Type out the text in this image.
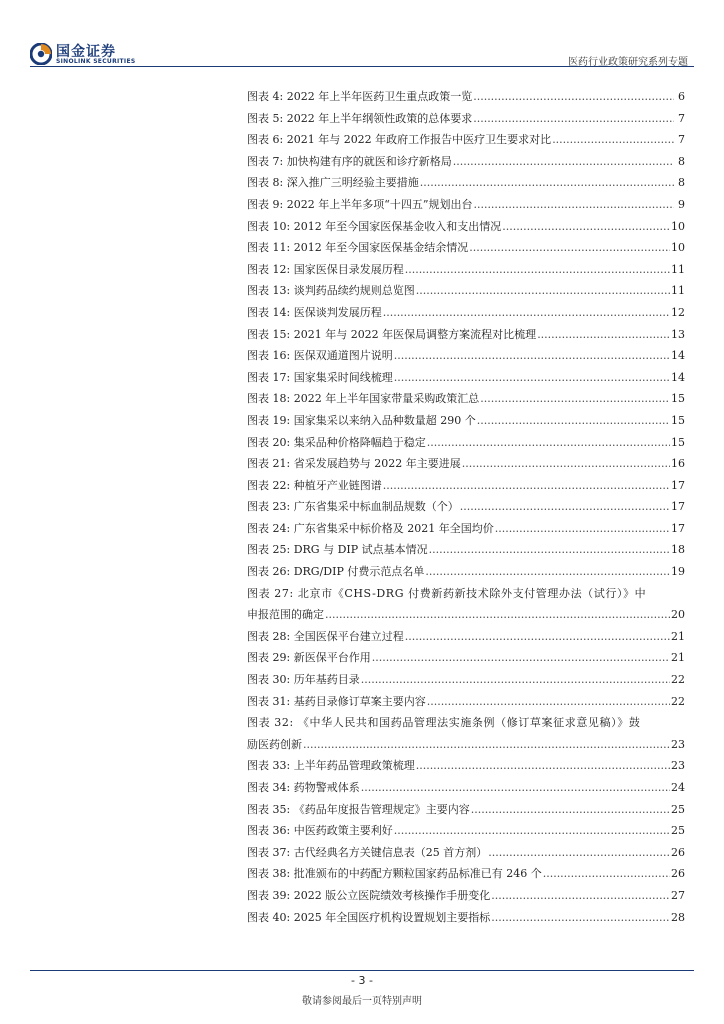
国金证券
SINOLINK SECURITIES	医药行业政策研究系列专题
图表 4: 2022 年上半年医药卫生重点政策一览 .....	6
图表 5: 2022 年上半年纲领性政策的总体要求 .....	7
图表 6: 2021 年与 2022 年政府工作报告中医疗卫生要求对比 .....	7
图表 7: 加快构建有序的就医和诊疗新格局 .....	8
图表 8: 深入推广三明经验主要措施 .....	8
图表 9: 2022 年上半年多项“十四五”规划出台 .....	9
图表 10: 2012 年至今国家医保基金收入和支出情况 .....	10
图表 11: 2012 年至今国家医保基金结余情况 .....	10
图表 12: 国家医保目录发展历程 .....	11
图表 13: 谈判药品续约规则总览图 .....	11
图表 14: 医保谈判发展历程 .....	12
图表 15: 2021 年与 2022 年医保局调整方案流程对比梳理 .....	13
图表 16: 医保双通道图片说明 .....	14
图表 17: 国家集采时间线梳理 .....	14
图表 18: 2022 年上半年国家带量采购政策汇总 .....	15
图表 19: 国家集采以来纳入品种数量超 290 个 .....	15
图表 20: 集采品种价格降幅趋于稳定 .....	15
图表 21: 省采发展趋势与 2022 年主要进展 .....	16
图表 22: 种植牙产业链图谱 .....	17
图表 23: 广东省集采中标血制品规数（个） .....	17
图表 24: 广东省集采中标价格及 2021 年全国均价 .....	17
图表 25: DRG 与 DIP 试点基本情况 .....	18
图表 26: DRG/DIP 付费示范点名单 .....	19
图表 27: 北京市《CHS-DRG 付费新药新技术除外支付管理办法（试行）》中
申报范围的确定 .....	20
图表 28: 全国医保平台建立过程 .....	21
图表 29: 新医保平台作用 .....	21
图表 30: 历年基药目录 .....	22
图表 31: 基药目录修订草案主要内容 .....	22
图表 32: 《中华人民共和国药品管理法实施条例（修订草案征求意见稿）》鼓
励医药创新 .....	23
图表 33: 上半年药品管理政策梳理 .....	23
图表 34: 药物警戒体系 .....	24
图表 35: 《药品年度报告管理规定》主要内容 .....	25
图表 36: 中医药政策主要利好 .....	25
图表 37: 古代经典名方关键信息表（25 首方剂） .....	26
图表 38: 批准颁布的中药配方颗粒国家药品标准已有 246 个 .....	26
图表 39: 2022 版公立医院绩效考核操作手册变化 .....	27
图表 40: 2025 年全国医疗机构设置规划主要指标 .....	28
- 3 -
敬请参阅最后一页特别声明
